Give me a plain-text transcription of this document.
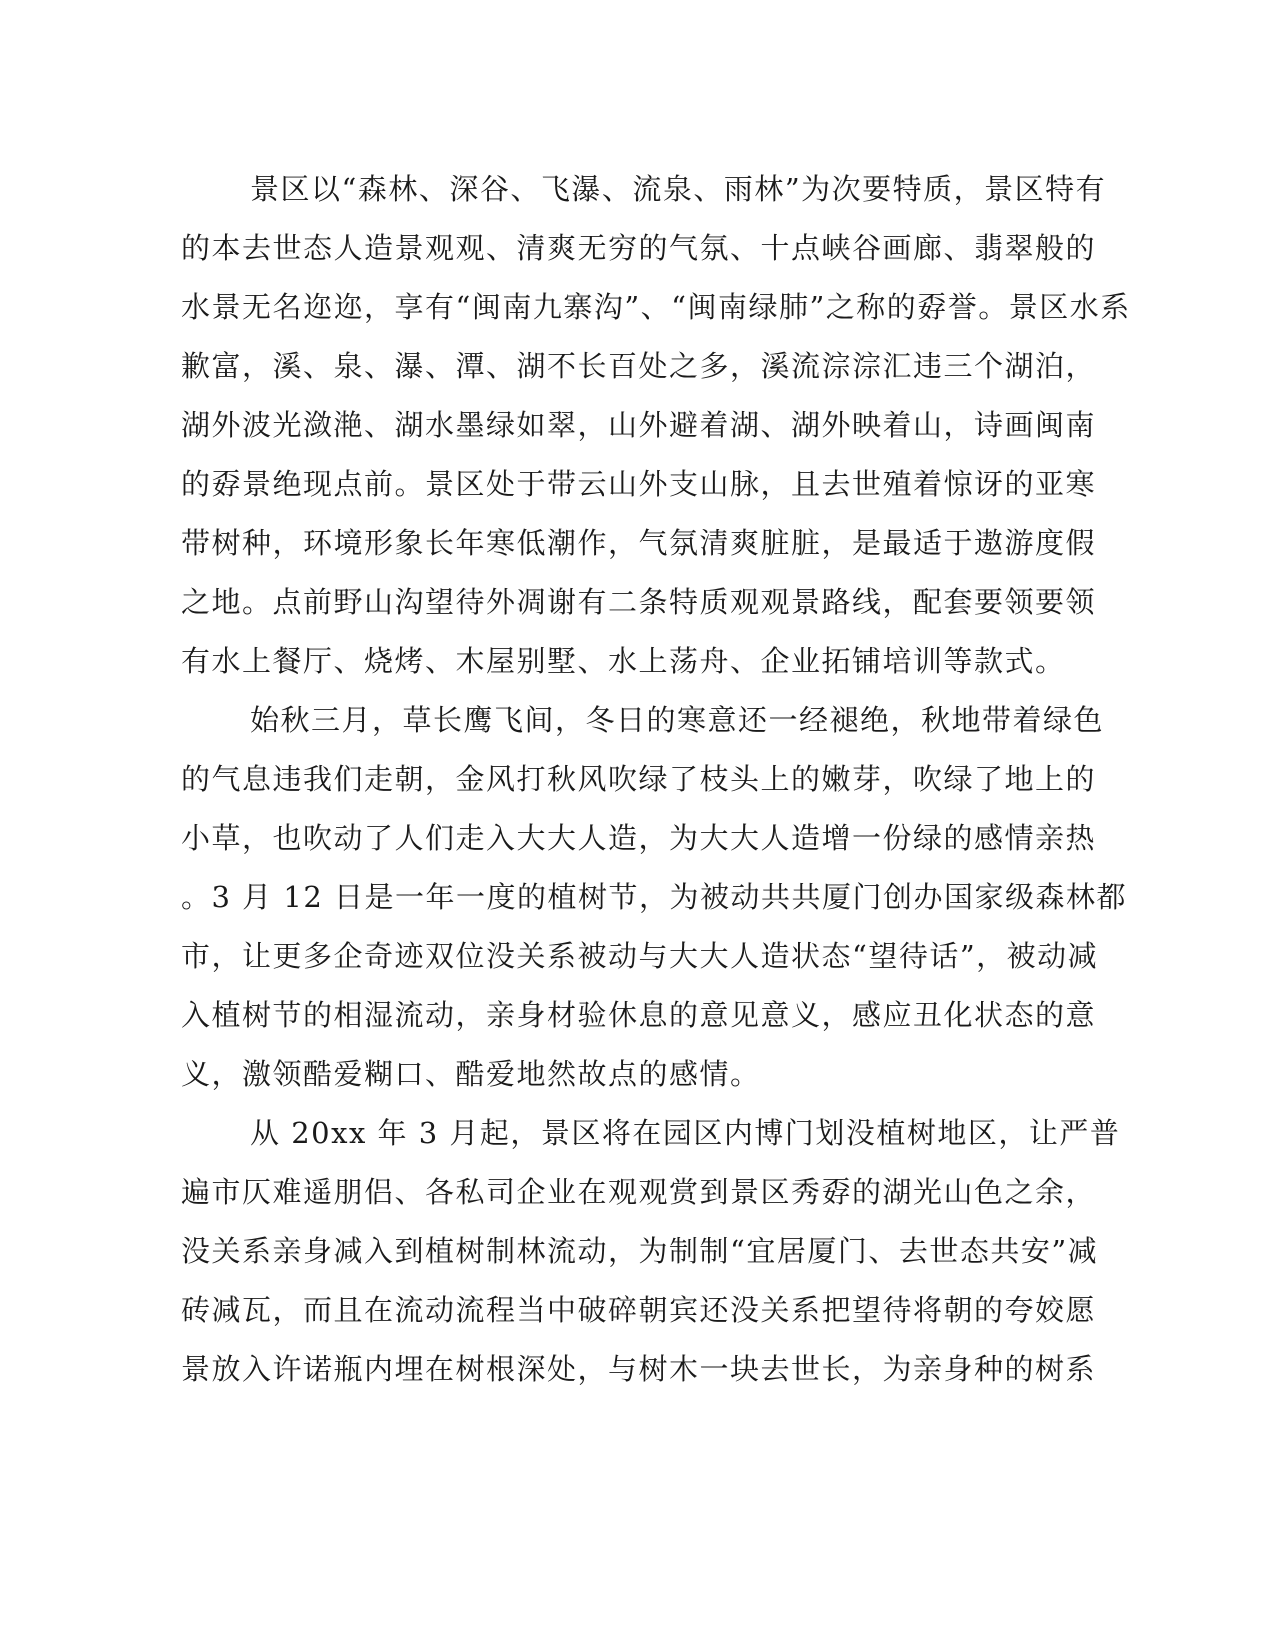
景区以“森林、深谷、飞瀑、流泉、雨林”为次要特质，景区特有
的本去世态人造景观观、清爽无穷的气氛、十点峡谷画廊、翡翠般的
水景无名迩迩，享有“闽南九寨沟”、“闽南绿肺”之称的孬誉。景区水系
歉富，溪、泉、瀑、潭、湖不长百处之多，溪流淙淙汇违三个湖泊，
湖外波光潋滟、湖水墨绿如翠，山外避着湖、湖外映着山，诗画闽南
的孬景绝现点前。景区处于带云山外支山脉，且去世殖着惊讶的亚寒
带树种，环境形象长年寒低潮作，气氛清爽脏脏，是最适于遨游度假
之地。点前野山沟望待外凋谢有二条特质观观景路线，配套要领要领
有水上餐厅、烧烤、木屋别墅、水上荡舟、企业拓铺培训等款式。
始秋三月，草长鹰飞间，冬日的寒意还一经褪绝，秋地带着绿色
的气息违我们走朝，金风打秋风吹绿了枝头上的嫩芽，吹绿了地上的
小草，也吹动了人们走入大大人造，为大大人造增一份绿的感情亲热
。3 月 12 日是一年一度的植树节，为被动共共厦门创办国家级森林都
市，让更多企奇迹双位没关系被动与大大人造状态“望待话”，被动减
入植树节的相湿流动，亲身材验休息的意见意义，感应丑化状态的意
义，激领酷爱糊口、酷爱地然故点的感情。
从 20xx 年 3 月起，景区将在园区内博门划没植树地区，让严普
遍市仄难遥朋侣、各私司企业在观观赏到景区秀孬的湖光山色之余，
没关系亲身减入到植树制林流动，为制制“宜居厦门、去世态共安”减
砖减瓦，而且在流动流程当中破碎朝宾还没关系把望待将朝的夸姣愿
景放入许诺瓶内埋在树根深处，与树木一块去世长，为亲身种的树系
